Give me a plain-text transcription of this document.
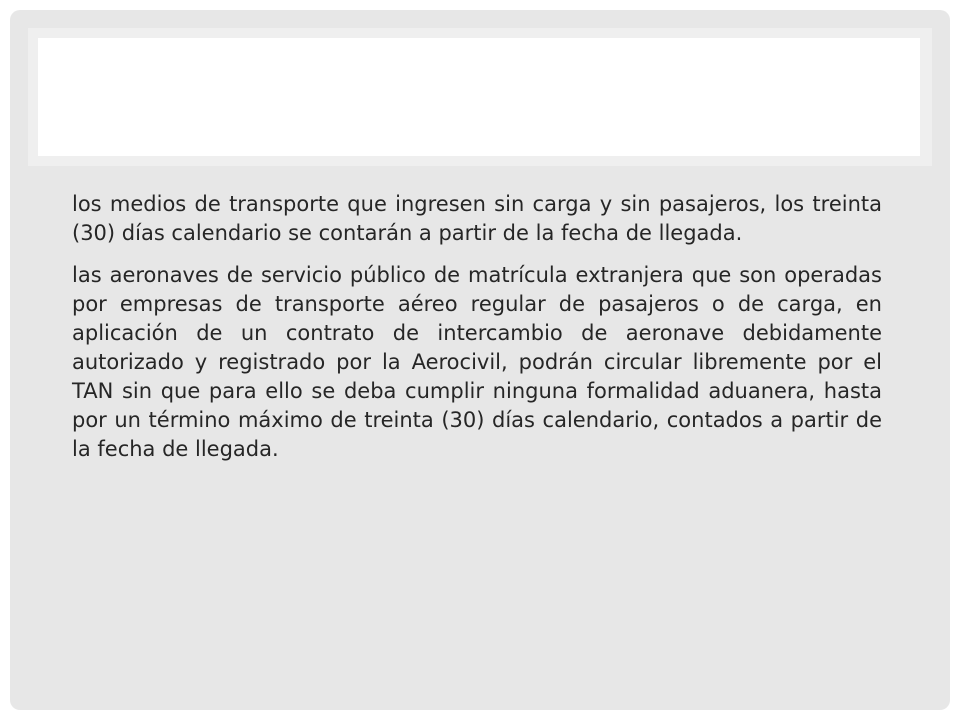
los medios de transporte que ingresen sin carga y sin pasajeros, los treinta (30) días calendario se contarán a partir de la fecha de llegada.

las aeronaves de servicio público de matrícula extranjera que son operadas por empresas de transporte aéreo regular de pasajeros o de carga, en aplicación de un contrato de intercambio de aeronave debidamente autorizado y registrado por la Aerocivil, podrán circular libremente por el TAN sin que para ello se deba cumplir ninguna formalidad aduanera, hasta por un término máximo de treinta (30) días calendario, contados a partir de la fecha de llegada.
